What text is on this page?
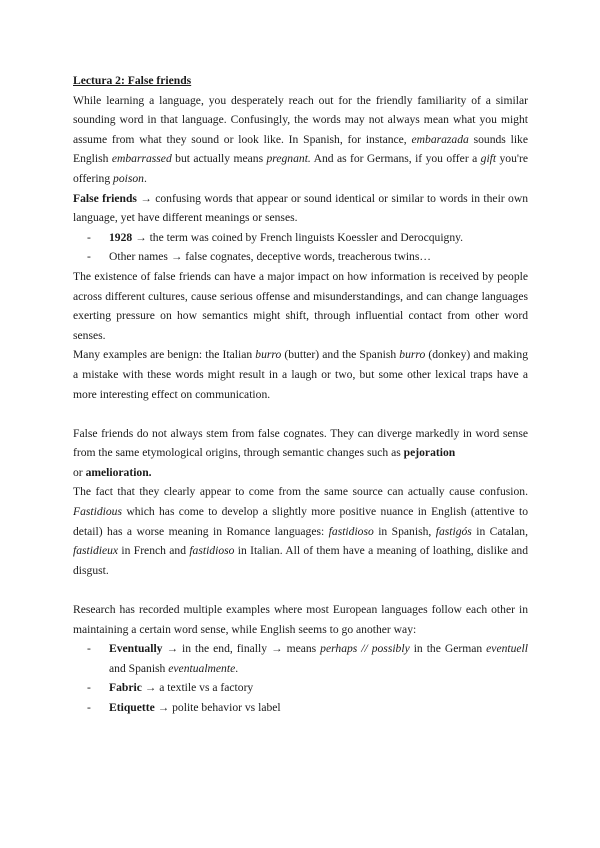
Lectura 2: False friends

While learning a language, you desperately reach out for the friendly familiarity of a similar sounding word in that language. Confusingly, the words may not always mean what you might assume from what they sound or look like. In Spanish, for instance, embarazada sounds like English embarrassed but actually means pregnant. And as for Germans, if you offer a gift you're offering poison.

False friends → confusing words that appear or sound identical or similar to words in their own language, yet have different meanings or senses.

- 1928 → the term was coined by French linguists Koessler and Derocquigny.
- Other names → false cognates, deceptive words, treacherous twins…

The existence of false friends can have a major impact on how information is received by people across different cultures, cause serious offense and misunderstandings, and can change languages exerting pressure on how semantics might shift, through influential contact from other word senses.

Many examples are benign: the Italian burro (butter) and the Spanish burro (donkey) and making a mistake with these words might result in a laugh or two, but some other lexical traps have a more interesting effect on communication.

False friends do not always stem from false cognates. They can diverge markedly in word sense from the same etymological origins, through semantic changes such as pejoration
or amelioration.

The fact that they clearly appear to come from the same source can actually cause confusion. Fastidious which has come to develop a slightly more positive nuance in English (attentive to detail) has a worse meaning in Romance languages: fastidioso in Spanish, fastigós in Catalan, fastidieux in French and fastidioso in Italian. All of them have a meaning of loathing, dislike and disgust.

Research has recorded multiple examples where most European languages follow each other in maintaining a certain word sense, while English seems to go another way:

- Eventually → in the end, finally → means perhaps // possibly in the German eventuell and Spanish eventualmente.
- Fabric → a textile vs a factory
- Etiquette → polite behavior vs label
